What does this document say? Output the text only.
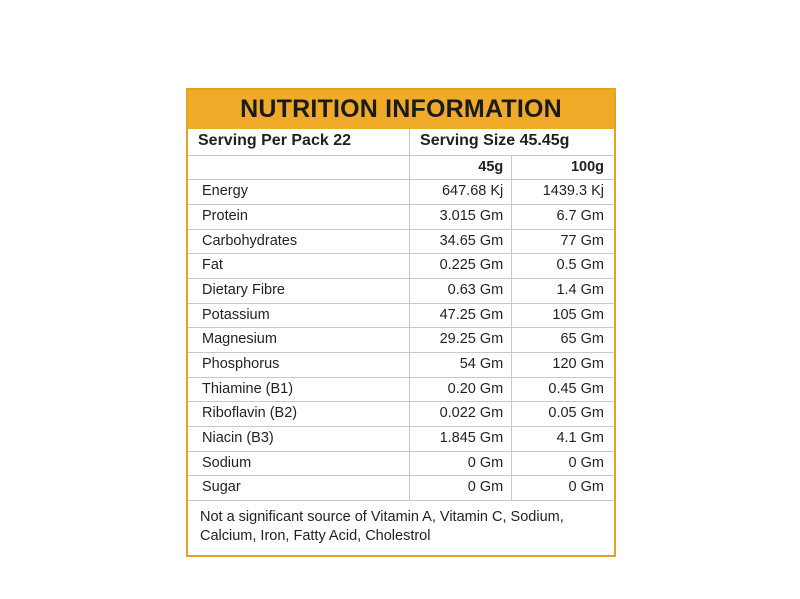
NUTRITION INFORMATION
Serving Per Pack 22	Serving Size 45.45g	
	45g	100g
Energy	647.68 Kj	1439.3 Kj
Protein	3.015 Gm	6.7 Gm
Carbohydrates	34.65 Gm	77 Gm
Fat	0.225 Gm	0.5 Gm
Dietary Fibre	0.63 Gm	1.4 Gm
Potassium	47.25 Gm	105 Gm
Magnesium	29.25 Gm	65 Gm
Phosphorus	54 Gm	120 Gm
Thiamine (B1)	0.20 Gm	0.45 Gm
Riboflavin (B2)	0.022 Gm	0.05 Gm
Niacin (B3)	1.845 Gm	4.1 Gm
Sodium	0 Gm	0 Gm
Sugar	0 Gm	0 Gm
Not a significant source of Vitamin A, Vitamin C, Sodium,
Calcium, Iron, Fatty Acid, Cholestrol
